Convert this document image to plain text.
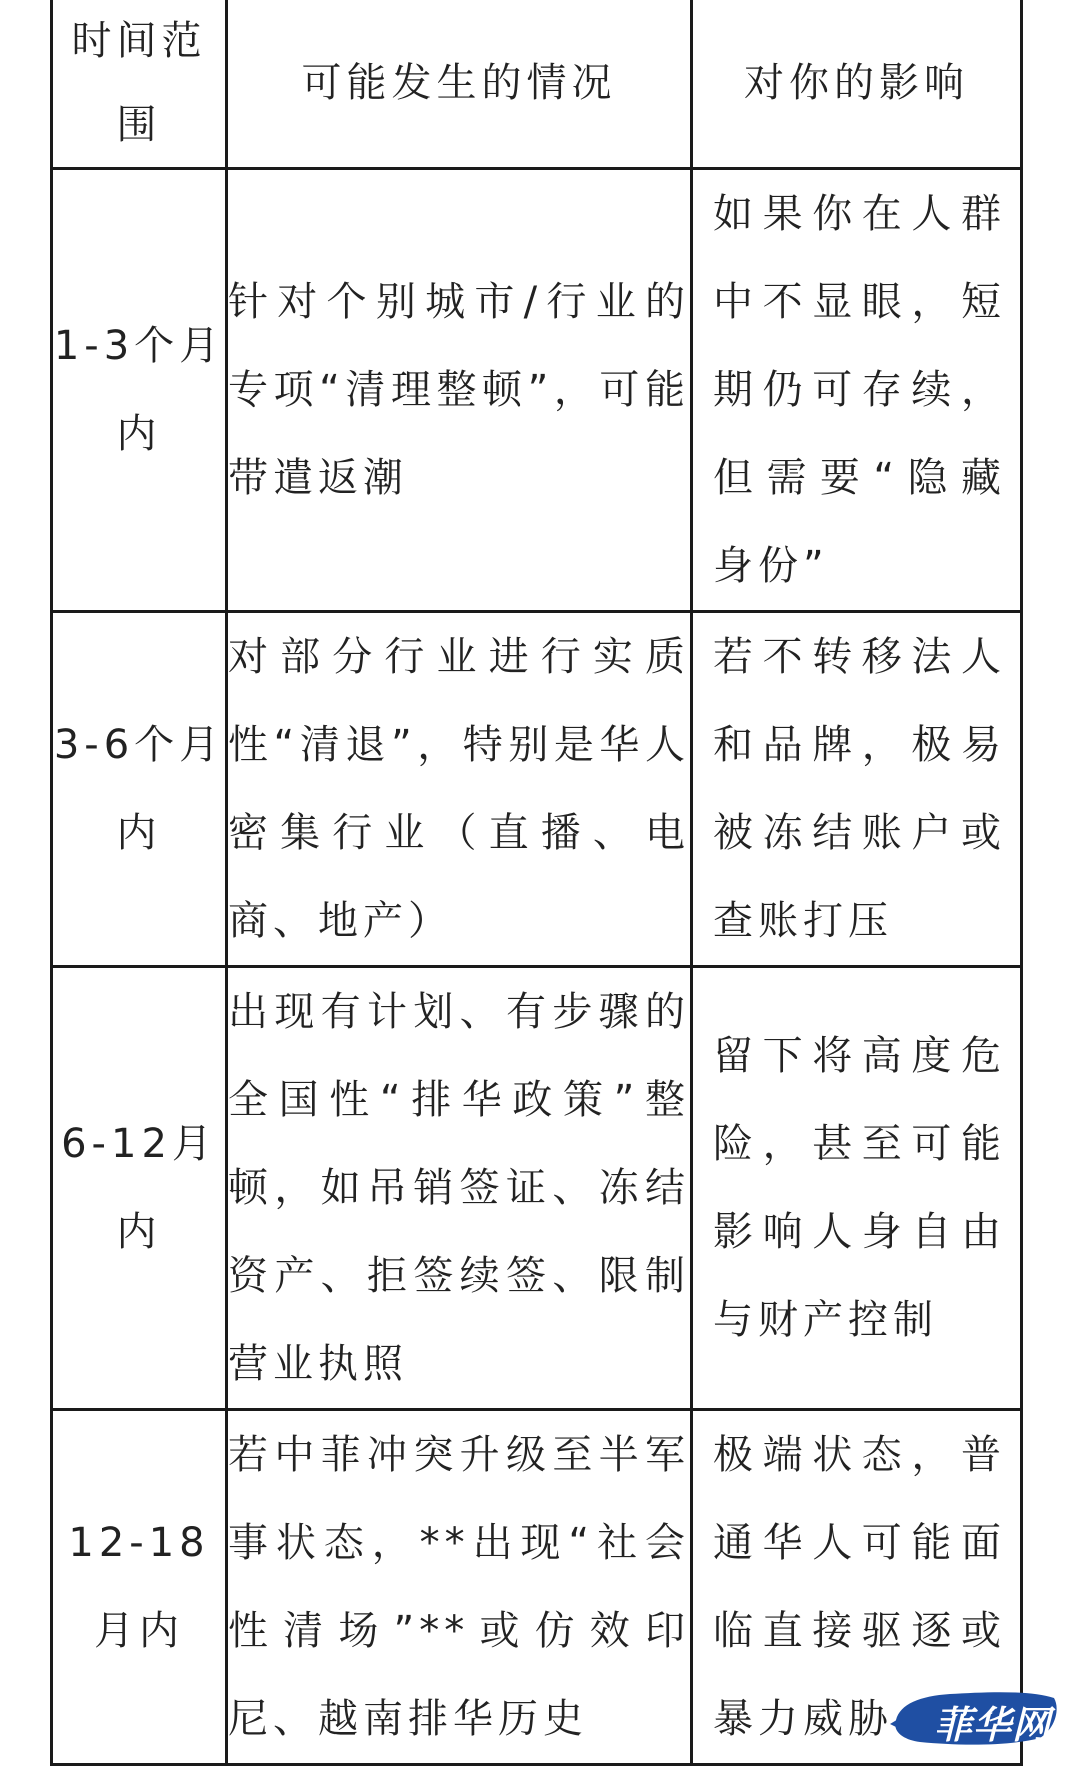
时间范围	可能发生的情况	对你的影响
1-3个月内	针对个别城市/行业的专项“清理整顿”，可能带遣返潮	如果你在人群中不显眼，短期仍可存续，但需要“隐藏身份”
3-6个月内	对部分行业进行实质性“清退”，特别是华人密集行业（直播、电商、地产）	若不转移法人和品牌，极易被冻结账户或查账打压
6-12月内	出现有计划、有步骤的全国性“排华政策”整顿，如吊销签证、冻结资产、拒签续签、限制营业执照	留下将高度危险，甚至可能影响人身自由与财产控制
12-18月内	若中菲冲突升级至半军事状态，**出现“社会性清场”**或仿效印尼、越南排华历史	极端状态，普通华人可能面临直接驱逐或暴力威胁 菲华网
